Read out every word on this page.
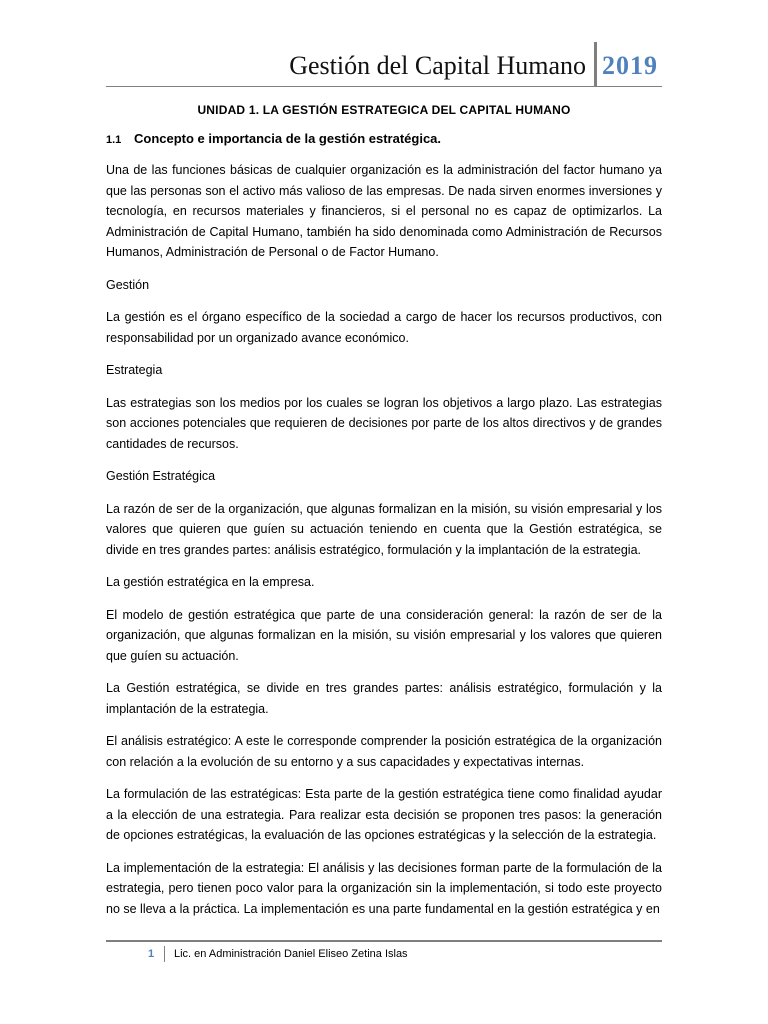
Gestión del Capital Humano 2019
UNIDAD 1. LA GESTIÓN ESTRATEGICA DEL CAPITAL HUMANO
1.1 Concepto e importancia de la gestión estratégica.
Una de las funciones básicas de cualquier organización es la administración del factor humano ya que las personas son el activo más valioso de las empresas. De nada sirven enormes inversiones y tecnología, en recursos materiales y financieros, si el personal no es capaz de optimizarlos. La Administración de Capital Humano, también ha sido denominada como Administración de Recursos Humanos, Administración de Personal o de Factor Humano.
Gestión
La gestión es el órgano específico de la sociedad a cargo de hacer los recursos productivos, con responsabilidad por un organizado avance económico.
Estrategia
Las estrategias son los medios por los cuales se logran los objetivos a largo plazo. Las estrategias son acciones potenciales que requieren de decisiones por parte de los altos directivos y de grandes cantidades de recursos.
Gestión Estratégica
La razón de ser de la organización, que algunas formalizan en la misión, su visión empresarial y los valores que quieren que guíen su actuación teniendo en cuenta que la Gestión estratégica, se divide en tres grandes partes: análisis estratégico, formulación y la implantación de la estrategia.
La gestión estratégica en la empresa.
El modelo de gestión estratégica que parte de una consideración general: la razón de ser de la organización, que algunas formalizan en la misión, su visión empresarial y los valores que quieren que guíen su actuación.
La Gestión estratégica, se divide en tres grandes partes: análisis estratégico, formulación y la implantación de la estrategia.
El análisis estratégico: A este le corresponde comprender la posición estratégica de la organización con relación a la evolución de su entorno y a sus capacidades y expectativas internas.
La formulación de las estratégicas: Esta parte de la gestión estratégica tiene como finalidad ayudar a la elección de una estrategia. Para realizar esta decisión se proponen tres pasos: la generación de opciones estratégicas, la evaluación de las opciones estratégicas y la selección de la estrategia.
La implementación de la estrategia: El análisis y las decisiones forman parte de la formulación de la estrategia, pero tienen poco valor para la organización sin la implementación, si todo este proyecto no se lleva a la práctica. La implementación es una parte fundamental en la gestión estratégica y en
1	Lic. en Administración Daniel Eliseo Zetina Islas
